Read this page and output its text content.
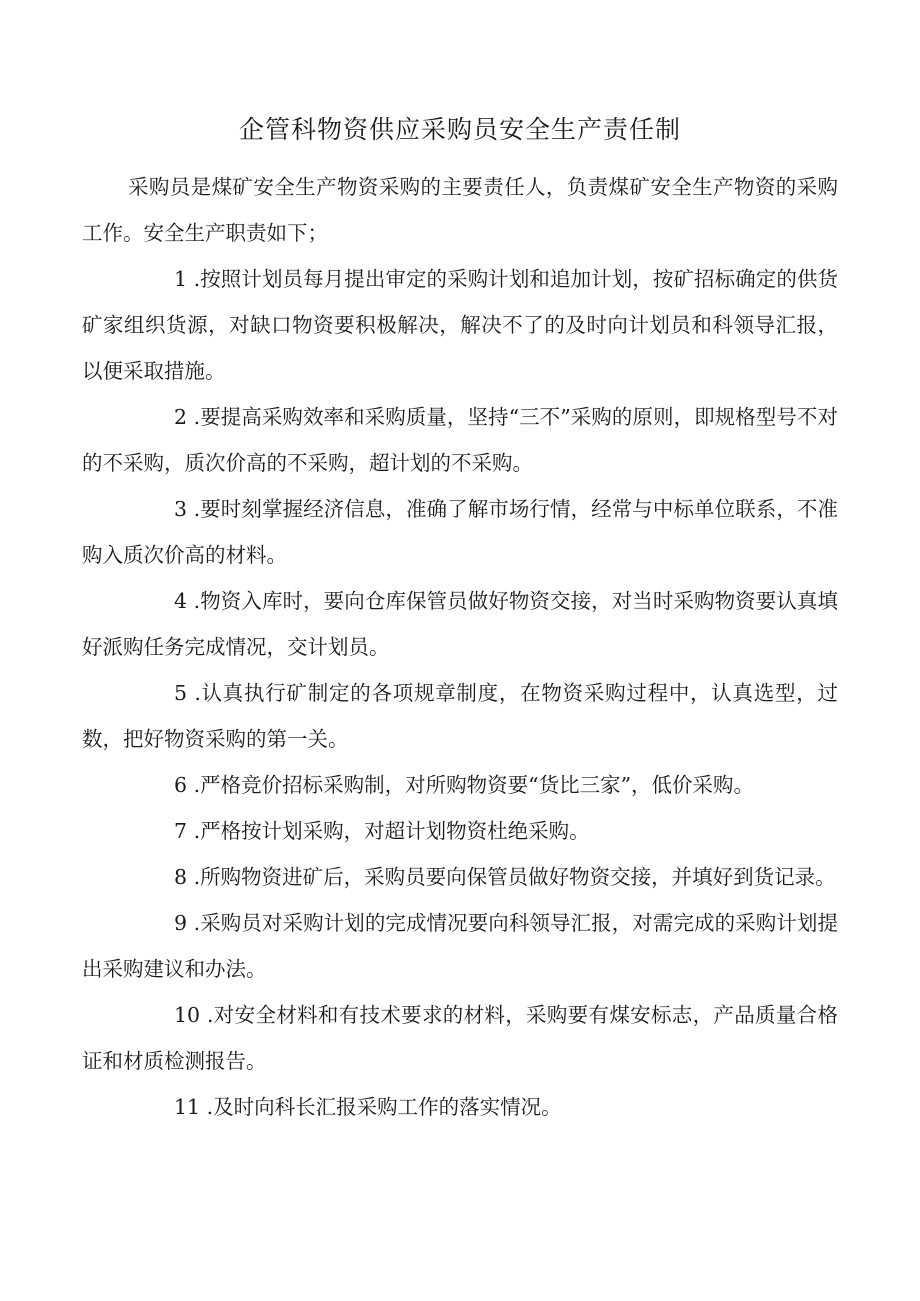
企管科物资供应采购员安全生产责任制

采购员是煤矿安全生产物资采购的主要责任人，负责煤矿安全生产物资的采购工作。安全生产职责如下；

1 .按照计划员每月提出审定的采购计划和追加计划，按矿招标确定的供货矿家组织货源，对缺口物资要积极解决，解决不了的及时向计划员和科领导汇报，以便采取措施。

2 .要提高采购效率和采购质量，坚持“三不”采购的原则，即规格型号不对的不采购，质次价高的不采购，超计划的不采购。

3 .要时刻掌握经济信息，准确了解市场行情，经常与中标单位联系，不准购入质次价高的材料。

4 .物资入库时，要向仓库保管员做好物资交接，对当时采购物资要认真填好派购任务完成情况，交计划员。

5 .认真执行矿制定的各项规章制度，在物资采购过程中，认真选型，过数，把好物资采购的第一关。

6 .严格竞价招标采购制，对所购物资要“货比三家”，低价采购。

7 .严格按计划采购，对超计划物资杜绝采购。

8 .所购物资进矿后，采购员要向保管员做好物资交接，并填好到货记录。

9 .采购员对采购计划的完成情况要向科领导汇报，对需完成的采购计划提出采购建议和办法。

10 .对安全材料和有技术要求的材料，采购要有煤安标志，产品质量合格证和材质检测报告。

11 .及时向科长汇报采购工作的落实情况。
